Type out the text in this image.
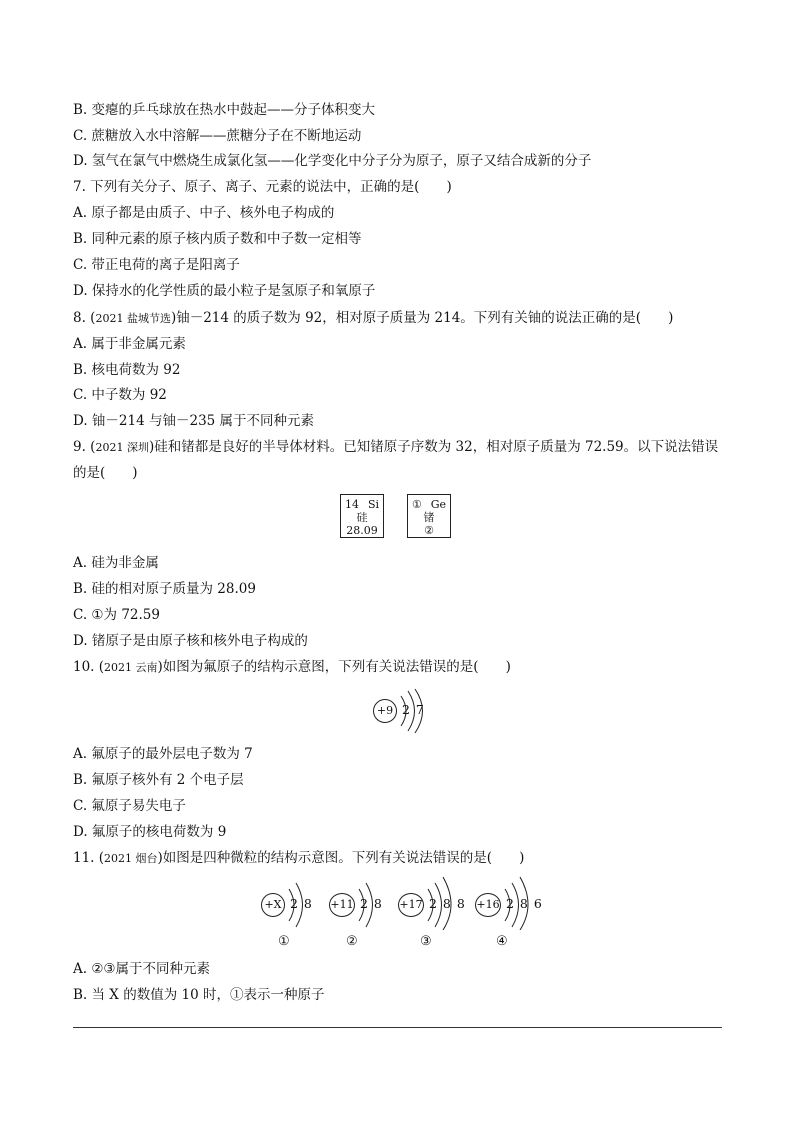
B. 变瘪的乒乓球放在热水中鼓起——分子体积变大
C. 蔗糖放入水中溶解——蔗糖分子在不断地运动
D. 氢气在氯气中燃烧生成氯化氢——化学变化中分子分为原子，原子又结合成新的分子
7. 下列有关分子、原子、离子、元素的说法中，正确的是(　　)
A. 原子都是由质子、中子、核外电子构成的
B. 同种元素的原子核内质子数和中子数一定相等
C. 带正电荷的离子是阳离子
D. 保持水的化学性质的最小粒子是氢原子和氧原子
8. (2021 盐城节选)铀－214 的质子数为 92，相对原子质量为 214。下列有关铀的说法正确的是(　　)
A. 属于非金属元素
B. 核电荷数为 92
C. 中子数为 92
D. 铀－214 与铀－235 属于不同种元素
9. (2021 深圳)硅和锗都是良好的半导体材料。已知锗原子序数为 32，相对原子质量为 72.59。以下说法错误
的是(　　)
14 Si
硅
28.09
① Ge
锗
②
A. 硅为非金属
B. 硅的相对原子质量为 28.09
C. ①为 72.59
D. 锗原子是由原子核和核外电子构成的
10. (2021 云南)如图为氟原子的结构示意图，下列有关说法错误的是(　　)
+9 2 7
A. 氟原子的最外层电子数为 7
B. 氟原子核外有 2 个电子层
C. 氟原子易失电子
D. 氟原子的核电荷数为 9
11. (2021 烟台)如图是四种微粒的结构示意图。下列有关说法错误的是(　　)
+X 2 8
①
+11 2 8
②
+17 2 8 8
③
+16 2 8 6
④
A. ②③属于不同种元素
B. 当 X 的数值为 10 时，①表示一种原子
